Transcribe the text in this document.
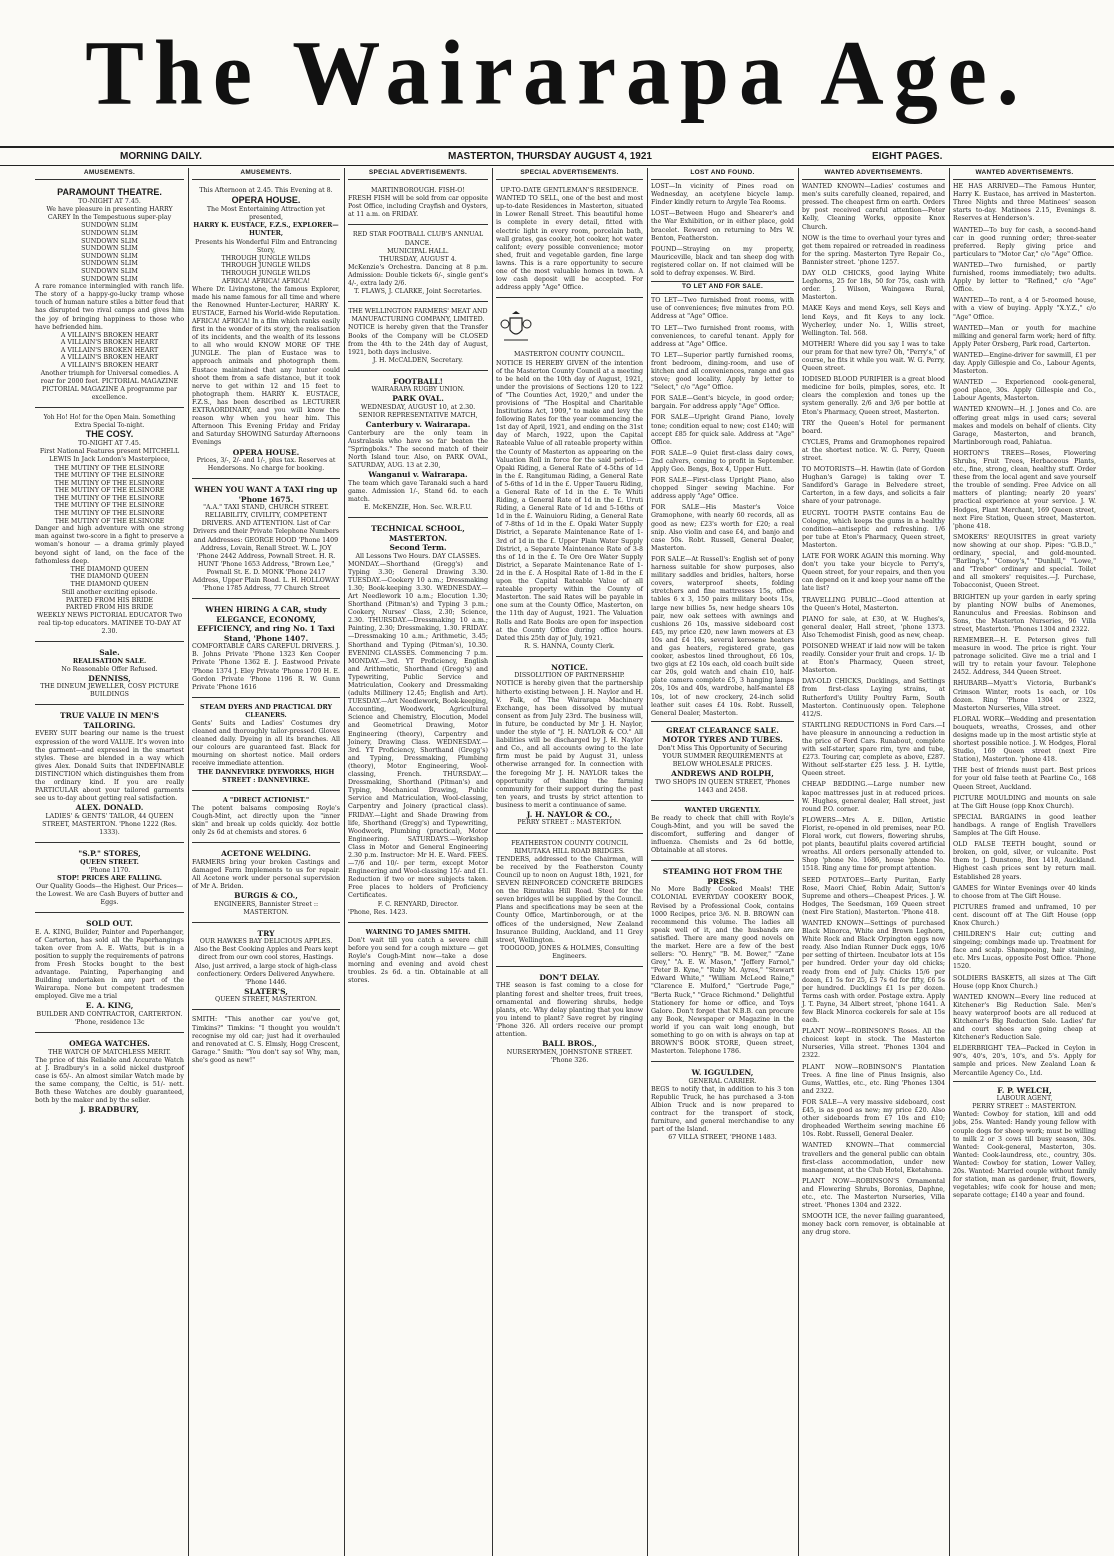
The Wairarapa Age.
MORNING DAILY.	MASTERTON, THURSDAY AUGUST 4, 1921	EIGHT PAGES.
AMUSEMENTS.
PARAMOUNT THEATRE.
TO-NIGHT AT 7.45.
We have pleasure in presenting HARRY CAREY In the Tempestuous super-play
SUNDOWN SLIM
SUNDOWN SLIM
SUNDOWN SLIM
SUNDOWN SLIM
SUNDOWN SLIM
SUNDOWN SLIM
SUNDOWN SLIM
SUNDOWN SLIM
A rare romance intermingled with ranch life. The story of a happy-go-lucky tramp whose touch of human nature stiles a bitter feud that has disrupted two rival camps and gives him the joy of bringing happiness to those who have befriended him.
A VILLAIN'S BROKEN HEART
A VILLAIN'S BROKEN HEART
A VILLAIN'S BROKEN HEART
A VILLAIN'S BROKEN HEART
A VILLAIN'S BROKEN HEART
Another triumph for Universal comedies. A roar for 2000 feet. PICTORIAL MAGAZINE PICTORIAL MAGAZINE A programme par excellence.
Yoh Ho! Ho! for the Open Main. Something Extra Special To-night.
THE COSY.
TO-NIGHT AT 7.45.
First National Features present MITCHELL LEWIS In Jack London's Masterpiece,
THE MUTINY OF THE ELSINORE
THE MUTINY OF THE ELSINORE
THE MUTINY OF THE ELSINORE
THE MUTINY OF THE ELSINORE
THE MUTINY OF THE ELSINORE
THE MUTINY OF THE ELSINORE
THE MUTINY OF THE ELSINORE
THE MUTINY OF THE ELSINORE
Danger and high adventure with one strong man against two-score in a fight to preserve a woman's honour — a drama grimly played beyond sight of land, on the face of the fathomless deep.
THE DIAMOND QUEEN
THE DIAMOND QUEEN
THE DIAMOND QUEEN
Still another exciting episode.
PARTED FROM HIS BRIDE
PARTED FROM HIS BRIDE
WEEKLY NEWS PICTORIAL EDUCATOR Two real tip-top educators. MATINEE TO-DAY AT 2.30.
Sale.
REALISATION SALE.
No Reasonable Offer Refused.
DENNISS,
THE DINEUM JEWELLER, COSY PICTURE BUILDINGS
TRUE VALUE IN MEN'S TAILORING.
EVERY SUIT bearing our name is the truest expression of the word VALUE. It's woven into the garment—and expressed in the smartest styles. These are blended in a way which gives Alex. Donald Suits that INDEFINABLE DISTINCTION which distinguishes them from the ordinary kind. If you are really PARTICULAR about your tailored garments see us to-day about getting real satisfaction.
ALEX. DONALD.
LADIES' & GENTS' TAILOR, 44 QUEEN STREET, MASTERTON. 'Phone 1222 (Res. 1333).
"S.P." STORES,
QUEEN STREET.
'Phone 1170.
STOP! PRICES ARE FALLING.
Our Quality Goods—the Highest. Our Prices—the Lowest. We are Cash Buyers of butter and Eggs.
SOLD OUT.
E. A. KING, Builder, Painter and Paperhanger, of Carterton, has sold all the Paperhangings taken over from A. E. Watts, but is in a position to supply the requirements of patrons from Fresh Stocks bought to the best advantage. Painting, Paperhanging and Building undertaken in any part of the Wairarapa. None but competent tradesmen employed. Give me a trial
E. A. KING,
BUILDER AND CONTRACTOR, CARTERTON. 'Phone, residence 13c
OMEGA WATCHES.
THE WATCH OF MATCHLESS MERIT.
The price of this Reliable and Accurate Watch at J. Bradbury's in a solid nickel dustproof case is 65/-. An almost similar Watch made by the same company, the Celtic, is 51/- nett. Both these Watches are doubly guaranteed, both by the maker and by the seller.
J. BRADBURY,
AMUSEMENTS.
This Afternoon at 2.45. This Evening at 8.
OPERA HOUSE.
The Most Entertaining Attraction yet presented,
HARRY K. EUSTACE, F.Z.S., EXPLORER—HUNTER,
Presents his Wonderful Film and Entrancing Story,
THROUGH JUNGLE WILDS
THROUGH JUNGLE WILDS
THROUGH JUNGLE WILDS
AFRICA! AFRICA! AFRICA!
Where Dr. Livingstone, the famous Explorer, made his name famous for all time and where the Renowned Hunter-Lecturer, HARRY K. EUSTACE, Earned his World-wide Reputation. AFRICA! AFRICA! In a film which ranks easily first in the wonder of its story, the realisation of its incidents, and the wealth of its lessons to all who would KNOW MORE OF THE JUNGLE. The plan of Eustace was to approach animals and photograph them. Eustace maintained that any hunter could shoot them from a safe distance, but it took nerve to get within 12 and 15 feet to photograph them. HARRY K. EUSTACE, F.Z.S., has been described as LECTURER EXTRAORDINARY, and you will know the reason why when you hear him. This Afternoon This Evening Friday and Friday and Saturday SHOWING Saturday Afternoons Evenings
OPERA HOUSE.
Prices, 3/-, 2/- and 1/-, plus tax. Reserves at Hendersons. No charge for booking.
WHEN YOU WANT A TAXI ring up 'Phone 1675.
"A.A." TAXI STAND, CHURCH STREET. RELIABILITY, CIVILITY, COMPETENT DRIVERS. AND ATTENTION. List of Car Drivers and their Private Telephone Numbers and Addresses: GEORGE HOOD 'Phone 1409 Address, Lovain, Renall Street. W. L. JOY 'Phone 2442 Address, Pownall Street. H. R. HUNT 'Phone 1653 Address, "Brown Lee," Pownall St. E. D. MONK 'Phone 2417 Address, Upper Plain Road. L. H. HOLLOWAY 'Phone 1785 Address, 77 Church Street
WHEN HIRING A CAR, study ELEGANCE, ECONOMY, EFFICIENCY, and ring No. 1 Taxi Stand, 'Phone 1407.
COMFORTABLE CARS CAREFUL DRIVERS. J. B. Johns Private 'Phone 1323 Ken Cooper Private 'Phone 1362 E. J. Eastwood Private 'Phone 1374 J. Eley Private 'Phone 1709 H. E. Gordon Private 'Phone 1196 R. W. Gunn Private 'Phone 1616
STEAM DYERS AND PRACTICAL DRY CLEANERS.
Gents' Suits and Ladies' Costumes dry cleaned and thoroughly tailor-pressed. Gloves cleaned daily. Dyeing in all its branches. All our colours are guaranteed fast. Black for mourning on shortest notice. Mail orders receive immediate attention.
THE DANNEVIRKE DYEWORKS, HIGH STREET : DANNEVIRKE.
A "DIRECT ACTIONIST."
The potent balsams composing Royle's Cough-Mint, act directly upon the "inner skin" and break up colds quickly. 4oz bottle only 2s 6d at chemists and stores. 6
ACETONE WELDING.
FARMERS bring your broken Castings and damaged Farm Implements to us for repair. All Acetone work under personal supervision of Mr A. Briden.
BURGIS & CO.,
ENGINEERS, Bannister Street :: MASTERTON.
TRY
OUR HAWKES BAY DELICIOUS APPLES. Also the Best Cooking Apples and Pears kept direct from our own cool stores, Hastings. Also, just arrived, a large stock of high-class confectionery. Orders Delivered Anywhere. 'Phone 1446.
SLATER'S,
QUEEN STREET, MASTERTON.
SMITH: "This another car you've got, Timkins?" Timkins: "I thought you wouldn't recognise my old car; just had it overhauled and renovated at C. S. Elmsly, Hogg Crescent, Garage." Smith: "You don't say so! Why, man, she's good as new!"
SPECIAL ADVERTISEMENTS.
MARTINBOROUGH. FISH-O!
FRESH FISH will be sold from car opposite Post Office, including Crayfish and Oysters, at 11 a.m. on FRIDAY.
RED STAR FOOTBALL CLUB'S ANNUAL DANCE.
MUNICIPAL HALL.
THURSDAY, AUGUST 4.
McKenzie's Orchestra. Dancing at 8 p.m. Admission: Double tickets 6/-, single gent's 4/-, extra lady 2/6.
T. FLAWS, J. CLARKE, Joint Secretaries.
THE WELLINGTON FARMERS' MEAT AND MANUFACTURING COMPANY, LIMITED.
NOTICE is hereby given that the Transfer Books of the Company will be CLOSED from the 4th to the 24th day of August, 1921, both days inclusive.
J. H. McCALDEN, Secretary.
FOOTBALL!
WAIRARAPA RUGBY UNION.
PARK OVAL.
WEDNESDAY, AUGUST 10, at 2.30. SENIOR REPRESENTATIVE MATCH,
Canterbury v. Wairarapa.
Canterbury are the only team in Australasia who have so far beaten the "Springboks." The second match of their North Island tour. Also, on PARK OVAL, SATURDAY, AUG. 13 at 2.30,
Wanganui v. Wairarapa.
The team which gave Taranaki such a hard game. Admission 1/-, Stand 6d. to each match.
E. McKENZIE, Hon. Sec. W.R.F.U.
TECHNICAL SCHOOL, MASTERTON.
Second Term.
All Lessons Two Hours. DAY CLASSES.
MONDAY.—Shorthand (Gregg's) and Typing 3.30; General Drawing 3.30. TUESDAY.—Cookery 10 a.m.; Dressmaking 1.30; Book-keeping 3.30. WEDNESDAY.—Art Needlework 10 a.m.; Elocution 1.30; Shorthand (Pitman's) and Typing 3 p.m.; Cookery, Nurses' Class, 2.30; Science, 2.30. THURSDAY.—Dressmaking 10 a.m.; Painting, 2.30; Dressmaking, 1.30. FRIDAY.—Dressmaking 10 a.m.; Arithmetic, 3.45; Shorthand and Typing (Pitman's), 10.30. EVENING CLASSES. Commencing 7 p.m. MONDAY.—3rd. YT Proficiency, English and Arithmetic, Shorthand (Gregg's) and Typewriting, Public Service and Matriculation, Cookery and Dressmaking (adults Millinery 12.45; English and Art). TUESDAY.—Art Needlework, Book-keeping, Accounting, Woodwork, Agricultural Science and Chemistry, Elocution, Model and Geometrical Drawing, Motor Engineering (theory), Carpentry and Joinery, Drawing Class. WEDNESDAY.—3rd. YT Proficiency, Shorthand (Gregg's) and Typing, Dressmaking, Plumbing (theory), Motor Engineering, Wool-classing, French. THURSDAY.—Dressmaking, Shorthand (Pitman's) and Typing, Mechanical Drawing, Public Service and Matriculation, Wool-classing, Carpentry and Joinery (practical class). FRIDAY.—Light and Shade Drawing from life, Shorthand (Gregg's) and Typewriting, Woodwork, Plumbing (practical), Motor Engineering. SATURDAYS.—Workshop Class in Motor and General Engineering 2.30 p.m. Instructor: Mr H. E. Ward. FEES.—7/6 and 10/- per term, except Motor Engineering and Wool-classing 15/- and £1. Reduction if two or more subjects taken. Free places to holders of Proficiency Certificates.
F. C. RENYARD, Director.
'Phone, Res. 1423.
WARNING TO JAMES SMITH.
Don't wait till you catch a severe chill before you send for a cough mixture — get Royle's Cough-Mint now—take a dose morning and evening and avoid chest troubles. 2s 6d. a tin. Obtainable at all stores.
SPECIAL ADVERTISEMENTS.
UP-TO-DATE GENTLEMAN'S RESIDENCE.
WANTED TO SELL, one of the best and most up-to-date Residences in Masterton, situated in Lower Renall Street. This beautiful home is complete in every detail, fitted with electric light in every room, porcelain bath, wall grates, gas cooker, hot cooker, hot water califont; every possible convenience; motor shed, fruit and vegetable garden, fine large lawns. This is a rare opportunity to secure one of the most valuable homes in town. A low cash deposit will be accepted. For address apply "Age" Office.
MASTERTON COUNTY COUNCIL.
NOTICE IS HEREBY GIVEN of the intention of the Masterton County Council at a meeting to be held on the 10th day of August, 1921, under the provisions of Sections 120 to 122 of "The Counties Act, 1920," and under the provisions of "The Hospital and Charitable Institutions Act, 1909," to make and levy the following Rates for the year commencing the 1st day of April, 1921, and ending on the 31st day of March, 1922, upon the Capital Rateable Value of all rateable property within the County of Masterton as appearing on the Valuation Roll in force for the said period:— Opaki Riding, a General Rate of 4-5ths of 1d in the £. Rangitumau Riding, a General Rate of 5-6ths of 1d in the £. Upper Taueru Riding, a General Rate of 1d in the £. Te Whiti Riding, a General Rate of 1d in the £. Uruti Riding, a General Rate of 1d and 5-16ths of 1d in the £. Wainuioru Riding, a General Rate of 7-8ths of 1d in the £. Opaki Water Supply District, a Separate Maintenance Rate of 1-3rd of 1d in the £. Upper Plain Water Supply District, a Separate Maintenance Rate of 3-8 ths of 1d in the £. Te Ore Ore Water Supply District, a Separate Maintenance Rate of 1-2d in the £. A Hospital Rate of 1-8d in the £ upon the Capital Rateable Value of all rateable property within the County of Masterton. The said Rates will be payable in one sum at the County Office, Masterton, on the 11th day of August, 1921. The Valuation Rolls and Rate Books are open for inspection at the County Office during office hours. Dated this 25th day of July, 1921.
R. S. HANNA, County Clerk.
NOTICE.
DISSOLUTION OF PARTNERSHIP.
NOTICE is hereby given that the partnership hitherto existing between J. H. Naylor and H. V. Falk, of The Wairarapa Machinery Exchange, has been dissolved by mutual consent as from July 23rd. The business will, in future, be conducted by Mr J. H. Naylor, under the style of "J. H. NAYLOR & CO." All liabilities will be discharged by J. H. Naylor and Co., and all accounts owing to the late firm must be paid by August 31, unless otherwise arranged for. In connection with the foregoing Mr J. H. NAYLOR takes the opportunity of thanking the farming community for their support during the past ten years, and trusts by strict attention to business to merit a continuance of same.
J. H. NAYLOR & CO.,
PERRY STREET :: MASTERTON.
FEATHERSTON COUNTY COUNCIL
RIMUTAKA HILL ROAD BRIDGES.
TENDERS, addressed to the Chairman, will be received by the Featherston County Council up to noon on August 18th, 1921, for SEVEN REINFORCED CONCRETE BRIDGES on the Rimutaka Hill Road. Steel for the seven bridges will be supplied by the Council. Plans and specifications may be seen at the County Office, Martinborough, or at the offices of the undersigned, New Zealand Insurance Building, Auckland, and 11 Grey street, Wellington.
TOOGOOD, JONES & HOLMES, Consulting Engineers.
DON'T DELAY.
THE season is fast coming to a close for planting forest and shelter trees, fruit trees, ornamental and flowering shrubs, hedge plants, etc. Why delay planting that you know you intend to plant? Save regret by ringing 'Phone 326. All orders receive our prompt attention.
BALL BROS.,
NURSERYMEN, JOHNSTONE STREET. 'Phone 326.
LOST AND FOUND.
LOST—In vicinity of Pines road on Wednesday, an acetylene bicycle lamp. Finder kindly return to Argyle Tea Rooms.
LOST—Between Hugo and Shearer's and the War Exhibition, or in either place, gold bracelet. Reward on returning to Mrs W. Benton, Featherston.
FOUND—Straying on my property, Mauriceville, black and tan sheep dog with registered collar on. If not claimed will be sold to defray expenses. W. Bird.
TO LET AND FOR SALE.
TO LET—Two furnished front rooms, with use of conveniences; five minutes from P.O. Address at "Age" Office.
TO LET—Two furnished front rooms, with conveniences, to careful tenant. Apply for address at "Age" Office.
TO LET—Superior partly furnished rooms, front bedroom, dining-room, and use of kitchen and all conveniences, range and gas stove; good locality. Apply by letter to "Select," c/o "Age" Office.
FOR SALE—Gent's bicycle, in good order; bargain. For address apply "Age" Office.
FOR SALE—Upright Grand Piano, lovely tone; condition equal to new; cost £140; will accept £85 for quick sale. Address at "Age" Office.
FOR SALE—9 Quiet first-class dairy cows, 2nd calvers, coming to profit in September. Apply Geo. Bengs, Box 4, Upper Hutt.
FOR SALE—First-class Upright Piano, also chopped Singer sewing Machine. For address apply "Age" Office.
FOR SALE—His Master's Voice Gramophone, with nearly 60 records, all as good as new; £23's worth for £20; a real snip. Also violin and case £4, and banjo and case 50s. Robt. Russell, General Dealer, Masterton.
FOR SALE—At Russell's: English set of pony harness suitable for show purposes, also military saddles and bridles, halters, horse covers, waterproof sheets, folding stretchers and fine mattresses 15s, office tables 6 x 3, 150 pairs military boots 15s, large new billies 5s, new hedge shears 10s pair, new oak settees with awnings and cushions 26 10s, massive sideboard cost £45, my price £20, new lawn mowers at £3 10s and £4 10s, several kerosene heaters and gas heaters, registered grate, gas cooker, asbestos lined throughout, £6 10s, two gigs at £2 10s each, old coach built side car 20s, gold watch and chain £10, half-plate camera complete £5, 3 hanging lamps 20s, 10s and 40s, wardrobe, half-mantel £8 10s, lot of new crockery, 24-inch solid leather suit cases £4 10s. Robt. Russell, General Dealer, Masterton.
GREAT CLEARANCE SALE. MOTOR TYRES AND TUBES.
Don't Miss This Opportunity of Securing YOUR SUMMER REQUIREMENTS at BELOW WHOLESALE PRICES.
ANDREWS AND ROLPH,
TWO SHOPS IN QUEEN STREET, 'Phones 1443 and 2458.
WANTED URGENTLY.
Be ready to check that chill with Royle's Cough-Mint, and you will be saved the discomfort, suffering and danger of influenza. Chemists and 2s 6d bottle, Obtainable at all stores.
STEAMING HOT FROM THE PRESS.
No More Badly Cooked Meals! THE COLONIAL EVERYDAY COOKERY BOOK, Revised by a Professional Cook, contains 1000 Recipes, price 3/6. N. B. BROWN can recommend this volume. The ladies all speak well of it, and the husbands are satisfied. There are many good novels on the market. Here are a few of the best sellers: "O. Henry," "B. M. Bower," "Zane Grey," "A. E. W. Mason," "Jeffery Farnol," "Peter B. Kyne," "Ruby M. Ayres," "Stewart Edward White," "William McLeod Raine," "Clarence E. Mulford," "Gertrude Page," "Berta Ruck," "Grace Richmond." Delightful Stationery for home or office, and Toys Galore. Don't forget that N.B.B. can procure any Book, Newspaper or Magazine in the world if you can wait long enough, but something to go on with is always on tap at BROWN'S BOOK STORE, Queen street, Masterton. Telephone 1786.
W. IGGULDEN,
GENERAL CARRIER.
BEGS to notify that, in addition to his 3 ton Republic Truck, he has purchased a 3-ton Albion Truck and is now prepared to contract for the transport of stock, furniture, and general merchandise to any part of the Island.
67 VILLA STREET, 'PHONE 1483.
WANTED ADVERTISEMENTS.
WANTED KNOWN—Ladies' costumes and men's suits carefully cleaned, repaired, and pressed. The cheapest firm on earth. Orders by post received careful attention—Peter Kelly, Cleaning Works, opposite Knox Church.
NOW is the time to overhaul your tyres and get them repaired or retreaded in readiness for the spring. Masterton Tyre Repair Co., Bannister street. 'phone 1257.
DAY OLD CHICKS, good laying White Leghorns, 25 for 18s, 50 for 75s, cash with order. J. Wilson, Waingawa Rural, Masterton.
MAKE Keys and mend Keys, sell Keys and lend Keys, and fit Keys to any lock. Wycherley, under No. 1, Willis street, Wellington. Tel. 568.
MOTHER! Where did you say I was to take our pram for that new tyre? Oh, "Perry's," of course, he fits it while you wait. W. G. Perry, Queen street.
IODISED BLOOD PURIFIER is a great blood medicine for boils, pimples, sores, etc. It clears the complexion and tones up the system generally. 2/6 and 3/6 per bottle at Eton's Pharmacy, Queen street, Masterton.
TRY the Queen's Hotel for permanent board.
CYCLES, Prams and Gramophones repaired at the shortest notice. W. G. Perry, Queen street.
TO MOTORISTS—H. Hawtin (late of Gordon Hughan's Garage) is taking over T. Sandiford's Garage in Belvedere street, Carterton, in a few days, and solicits a fair share of your patronage.
EUCRYL TOOTH PASTE contains Eau de Cologne, which keeps the gums in a healthy condition—antiseptic and refreshing. 1/6 per tube at Eton's Pharmacy, Queen street, Masterton.
LATE FOR WORK AGAIN this morning. Why don't you take your bicycle to Perry's, Queen street, for your repairs, and then you can depend on it and keep your name off the late list?
TRAVELLING PUBLIC—Good attention at the Queen's Hotel, Masterton.
PIANO for sale, at £30, at W. Hughes's, general dealer, Hall street, 'phone 1373. Also Tchemodist Finish, good as new, cheap.
POISONED WHEAT if laid now will be taken readily. Consider your fruit and crops. 1/- lb at Eton's Pharmacy, Queen street, Masterton.
DAY-OLD CHICKS, Ducklings, and Settings from first-class Laying strains, at Rutherford's Utility Poultry Farm, South Masterton. Continuously open. Telephone 412/S.
STARTLING REDUCTIONS in Ford Cars.—I have pleasure in announcing a reduction in the price of Ford Cars. Runabout, complete with self-starter, spare rim, tyre and tube, £273. Touring car, complete as above, £287. Without self-starter £25 less. J. H. Lyttle, Queen street.
CHEAP BEDDING.—Large number new kapoc mattresses just in at reduced prices. W. Hughes, general dealer, Hall street, just round P.O. corner.
FLOWERS—Mrs A. E. Dillon, Artistic Florist, re-opened in old premises, near P.O. Floral work, cut flowers, flowering shrubs, pot plants, beautiful plaits covered artificial wreaths. All orders personally attended to. Shop 'phone No. 1686, house 'phone No. 1518. Ring any time for prompt attention.
SEED POTATOES—Early Puritan, Early Rose, Maori Chief, Robin Adair, Sutton's Supreme and others—Cheapest Prices. J. W. Hodges, The Seedsman, 169 Queen street (next Fire Station), Masterton. 'Phone 418.
WANTED KNOWN—Settings of purchased Black Minorca, White and Brown Leghorn, White Rock and Black Orpington eggs now ready. Also Indian Runner Duck eggs, 10/6 per setting of thirteen. Incubator lots at 15s per hundred. Order your day old chicks; ready from end of July. Chicks 15/6 per dozen, £1 5s for 25, £3 7s 6d for fifty, £6 5s per hundred. Ducklings £1 1s per dozen. Terms cash with order. Postage extra. Apply J. T. Payne, 34 Albert street, 'phone 1641. A few Black Minorca cockerels for sale at 15s each.
PLANT NOW—ROBINSON'S Roses. All the choicest kept in stock. The Masterton Nurseries, Villa street. 'Phones 1304 and 2322.
PLANT NOW—ROBINSON'S Plantation Trees. A fine line of Pinus Insignis, also Gums, Wattles, etc., etc. Ring 'Phones 1304 and 2322.
FOR SALE—A very massive sideboard, cost £45, is as good as new; my price £20. Also other sideboards from £7 10s and £10; dropheaded Wertheim sewing machine £6 10s. Robt. Russell, General Dealer.
WANTED KNOWN—That commercial travellers and the general public can obtain first-class accommodation, under new management, at the Club Hotel, Eketahuna.
PLANT NOW—ROBINSON'S Ornamental and Flowering Shrubs, Boronias, Daphne, etc., etc. The Masterton Nurseries, Villa street. 'Phones 1304 and 2322.
SMOOTH ICE, the never failing guaranteed, money back corn remover, is obtainable at any drug store.
WANTED ADVERTISEMENTS.
HE HAS ARRIVED—The Famous Hunter, Harry K. Eustace, has arrived in Masterton. Three Nights and three Matinees' season starts to-day. Matinees 2.15, Evenings 8. Reserves at Henderson's.
WANTED—To buy for cash, a second-hand car in good running order; three-seater preferred. Reply giving price and particulars to "Motor Car," c/o "Age" Office.
WANTED—Two furnished, or partly furnished, rooms immediately; two adults. Apply by letter to "Refined," c/o "Age" Office.
WANTED—To rent, a 4 or 5-roomed house, with a view of buying. Apply "X.Y.Z.," c/o "Age" Office.
WANTED—Man or youth for machine milking and general farm work; herd of fifty. Apply Peter Orsberg, Park road, Carterton.
WANTED—Engine-driver for sawmill, £1 per day. Apply Gillespie and Co., Labour Agents, Masterton.
WANTED — Experienced cook-general, good place, 30s. Apply Gillespie and Co., Labour Agents, Masterton.
WANTED KNOWN—H. J. Jones and Co. are offering great mlgs in used cars; several makes and models on behalf of clients. City Garage, Masterton, and branch, Martinborough road, Pahiatua.
HORTON'S TREES—Roses, Flowering Shrubs, Fruit Trees, Herbaceous Plants, etc., fine, strong, clean, healthy stuff. Order these from the local agent and save yourself the trouble of sending. Free Advice on all matters of planting; nearly 20 years' practical experience at your service. J. W. Hodges, Plant Merchant, 169 Queen street, next Fire Station, Queen street, Masterton. 'phone 418.
SMOKERS' REQUISITES in great variety now showing at our shop. Pipes: "G.B.D.," ordinary, special, and gold-mounted. "Barling's," "Comoy's," "Dunhill," "Lowe," and "Trebor" ordinary and special. Toilet and all smokers' requisites.—J. Purchase, Tobacconist, Queen Street.
BRIGHTEN up your garden in early spring by planting NOW bulbs of Anemones, Ranunculus and Freesias. Robinson and Sons, the Masterton Nurseries, 96 Villa street, Masterton. 'Phones 1304 and 2322.
REMEMBER—H. E. Peterson gives full measure in wood. The price is right. Your patronage solicited. Give me a trial and I will try to retain your favour. Telephone 2452. Address, 344 Queen Street.
RHUBARB—Myatt's Victoria, Burbank's Crimson Winter, roots 1s each, or 10s dozen. Ring 'Phone 1304 or 2322, Masterton Nurseries, Villa street.
FLORAL WORK—Wedding and presentation bouquets, wreaths, Crosses, and other designs made up in the most artistic style at shortest possible notice. J. W. Hodges, Floral Studio, 169 Queen street (next Fire Station), Masterton. 'phone 418.
THE best of friends must part. Best prices for your old false teeth at Pearline Co., 168 Queen Street, Auckland.
PICTURE MOULDING and mounts on sale at The Gift House (opp Knox Church).
SPECIAL BARGAINS in good leather handbags. A range of English Travellers Samples at The Gift House.
OLD FALSE TEETH bought, sound or broken, on gold, silver, or vulcanite. Post them to J. Dunstone, Box 1418, Auckland. Highest cash prices sent by return mail. Established 28 years.
GAMES for Winter Evenings over 40 kinds to choose from at The Gift House.
PICTURES framed and unframed, 10 per cent. discount off at The Gift House (opp Knox Church.)
CHILDREN'S Hair cut; cutting and singeing; combings made up. Treatment for face and scalp. Shampooing, hair staining, etc. Mrs Lucas, opposite Post Office. 'Phone 1520.
SOLDIERS BASKETS, all sizes at The Gift House (opp Knox Church.)
WANTED KNOWN—Every line reduced at Kitchener's Big Reduction Sale. Men's heavy waterproof boots are all reduced at Kitchener's Big Reduction Sale. Ladies' fur and court shoes are going cheap at Kitchener's Reduction Sale.
ELDERBRIGHT TEA—Packed in Ceylon in 90's, 40's, 20's, 10's, and 5's. Apply for sample and prices. New Zealand Loan & Mercantile Agency Co., Ltd.
F. P. WELCH,
LABOUR AGENT,
PERRY STREET :: MASTERTON.
Wanted: Cowboy for station, kill and odd jobs, 25s. Wanted: Handy young fellow with couple dogs for sheep work; must be willing to milk 2 or 3 cows till busy season, 30s. Wanted: Cook-general, Masterton, 30s. Wanted: Cook-laundress, etc., country, 30s. Wanted: Cowboy for station, Lower Valley, 20s. Wanted: Married couple without family for station, man as gardener, fruit, flowers, vegetables; wife cook for house and men; separate cottage; £140 a year and found.
